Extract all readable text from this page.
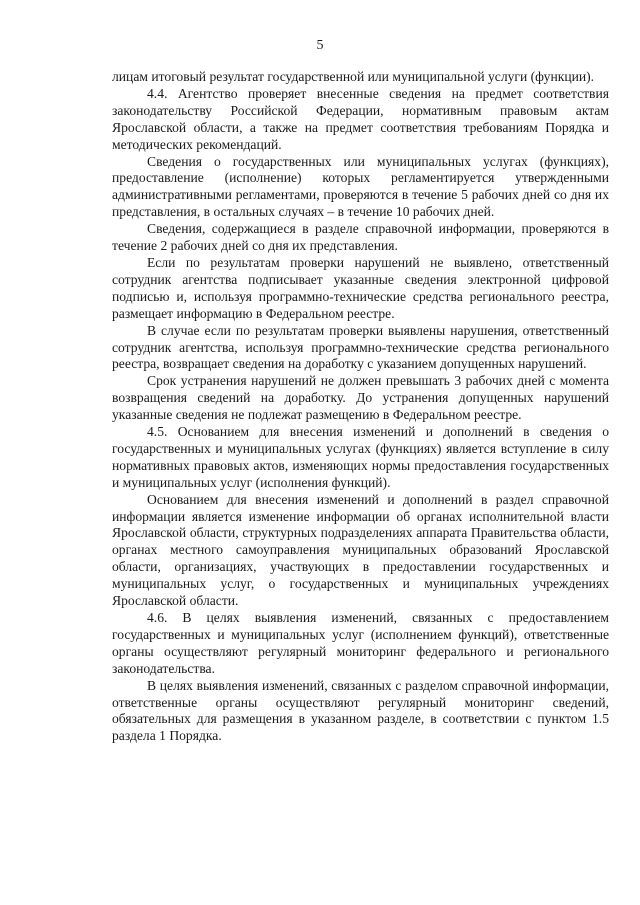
5

лицам итоговый результат государственной или муниципальной услуги (функции).

4.4. Агентство проверяет внесенные сведения на предмет соответствия законодательству Российской Федерации, нормативным правовым актам Ярославской области, а также на предмет соответствия требованиям Порядка и методических рекомендаций.

Сведения о государственных или муниципальных услугах (функциях), предоставление (исполнение) которых регламентируется утвержденными административными регламентами, проверяются в течение 5 рабочих дней со дня их представления, в остальных случаях – в течение 10 рабочих дней.

Сведения, содержащиеся в разделе справочной информации, проверяются в течение 2 рабочих дней со дня их представления.

Если по результатам проверки нарушений не выявлено, ответственный сотрудник агентства подписывает указанные сведения электронной цифровой подписью и, используя программно-технические средства регионального реестра, размещает информацию в Федеральном реестре.

В случае если по результатам проверки выявлены нарушения, ответственный сотрудник агентства, используя программно-технические средства регионального реестра, возвращает сведения на доработку с указанием допущенных нарушений.

Срок устранения нарушений не должен превышать 3 рабочих дней с момента возвращения сведений на доработку. До устранения допущенных нарушений указанные сведения не подлежат размещению в Федеральном реестре.

4.5. Основанием для внесения изменений и дополнений в сведения о государственных и муниципальных услугах (функциях) является вступление в силу нормативных правовых актов, изменяющих нормы предоставления государственных и муниципальных услуг (исполнения функций).

Основанием для внесения изменений и дополнений в раздел справочной информации является изменение информации об органах исполнительной власти Ярославской области, структурных подразделениях аппарата Правительства области, органах местного самоуправления муниципальных образований Ярославской области, организациях, участвующих в предоставлении государственных и муниципальных услуг, о государственных и муниципальных учреждениях Ярославской области.

4.6. В целях выявления изменений, связанных с предоставлением государственных и муниципальных услуг (исполнением функций), ответственные органы осуществляют регулярный мониторинг федерального и регионального законодательства.

В целях выявления изменений, связанных с разделом справочной информации, ответственные органы осуществляют регулярный мониторинг сведений, обязательных для размещения в указанном разделе, в соответствии с пунктом 1.5 раздела 1 Порядка.
